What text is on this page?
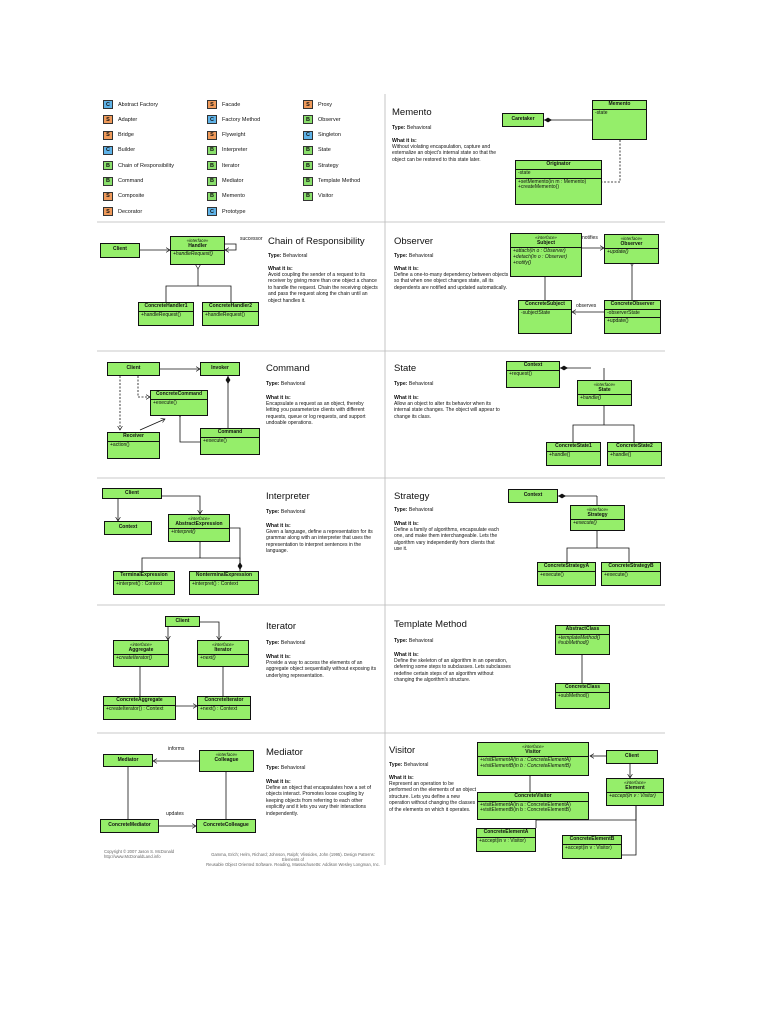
C	Abstract Factory
S	Adapter
S	Bridge
C	Builder
B	Chain of Responsibility
B	Command
S	Composite
S	Decorator
S	Facade
C	Factory Method
S	Flyweight
B	Interpreter
B	Iterator
B	Mediator
B	Memento
C	Prototype
S	Proxy
B	Observer
C	Singleton
B	State
B	Strategy
B	Template Method
B	Visitor
Memento
Type: Behavioral
What it is:
Without violating encapsulation, capture and externalize an object's internal state so that the object can be restored to this state later.
Caretaker
Memento
-state
Originator
-state
+setMemento(in m : Memento)
+createMemento()
Chain of Responsibility
Type: Behavioral
What it is:
Avoid coupling the sender of a request to its receiver by giving more than one object a chance to handle the request. Chain the receiving objects and pass the request along the chain until an object handles it.
Client
«interface»
Handler
+handleRequest()
successor
ConcreteHandler1
+handleRequest()
ConcreteHandler2
+handleRequest()
Observer
Type: Behavioral
What it is:
Define a one-to-many dependency between objects so that when one object changes state, all its dependents are notified and updated automatically.
«interface»
Subject
+attach(in o : Observer)
+detach(in o : Observer)
+notify()
notifies	«interface»
Observer
+update()
ConcreteSubject
-subjectState
observes	ConcreteObserver
-observerState
+update()
Command
Type: Behavioral
What it is:
Encapsulate a request as an object, thereby letting you parameterize clients with different requests, queue or log requests, and support undoable operations.
Client	Invoker
ConcreteCommand
+execute()
Receiver
+action()
Command
+execute()
State
Type: Behavioral
What it is:
Allow an object to alter its behavior when its internal state changes. The object will appear to change its class.
Context
+request()
«interface»
State
+handle()
ConcreteState1
+handle()
ConcreteState2
+handle()
Interpreter
Type: Behavioral
What it is:
Given a language, define a representation for its grammar along with an interpreter that uses the representation to interpret sentences in the language.
Client
Context
«interface»
AbstractExpression
+interpret()
TerminalExpression
+interpret() : Context
NonterminalExpression
+interpret() : Context
Strategy
Type: Behavioral
What it is:
Define a family of algorithms, encapsulate each one, and make them interchangeable. Lets the algorithm vary independently from clients that use it.
Context
«interface»
Strategy
+execute()
ConcreteStrategyA
+execute()
ConcreteStrategyB
+execute()
Iterator
Type: Behavioral
What it is:
Provide a way to access the elements of an aggregate object sequentially without exposing its underlying representation.
Client
«interface»
Aggregate
+createIterator()
«interface»
Iterator
+next()
ConcreteAggregate
+createIterator() : Context
ConcreteIterator
+next() : Context
Template Method
Type: Behavioral
What it is:
Define the skeleton of an algorithm in an operation, deferring some steps to subclasses. Lets subclasses redefine certain steps of an algorithm without changing the algorithm's structure.
AbstractClass
+templateMethod()
#subMethod()
ConcreteClass
+subMethod()
Mediator
Type: Behavioral
What it is:
Define an object that encapsulates how a set of objects interact. Promotes loose coupling by keeping objects from referring to each other explicitly and it lets you vary their interactions independently.
Mediator
informs
«interface»
Colleague
updates
ConcreteMediator	ConcreteColleague
Visitor
Type: Behavioral
What it is:
Represent an operation to be performed on the elements of an object structure. Lets you define a new operation without changing the classes of the elements on which it operates.
«interface»
Visitor
+visitElementA(in a : ConcreteElementA)
+visitElementB(in b : ConcreteElementB)
Client
ConcreteVisitor
+visitElementA(in a : ConcreteElementA)
+visitElementB(in b : ConcreteElementB)
«interface»
Element
+accept(in v : Visitor)
ConcreteElementA
+accept(in v : Visitor)	ConcreteElementB
+accept(in v : Visitor)
Copyright © 2007 Jason S. McDonald
http://www.McDonaldLand.info	Gamma, Erich; Helm, Richard; Johnson, Ralph; Vlissides, John (1995). Design Patterns: Elements of
Reusable Object Oriented Software. Reading, Massachusetts: Addison Wesley Longman, Inc.
